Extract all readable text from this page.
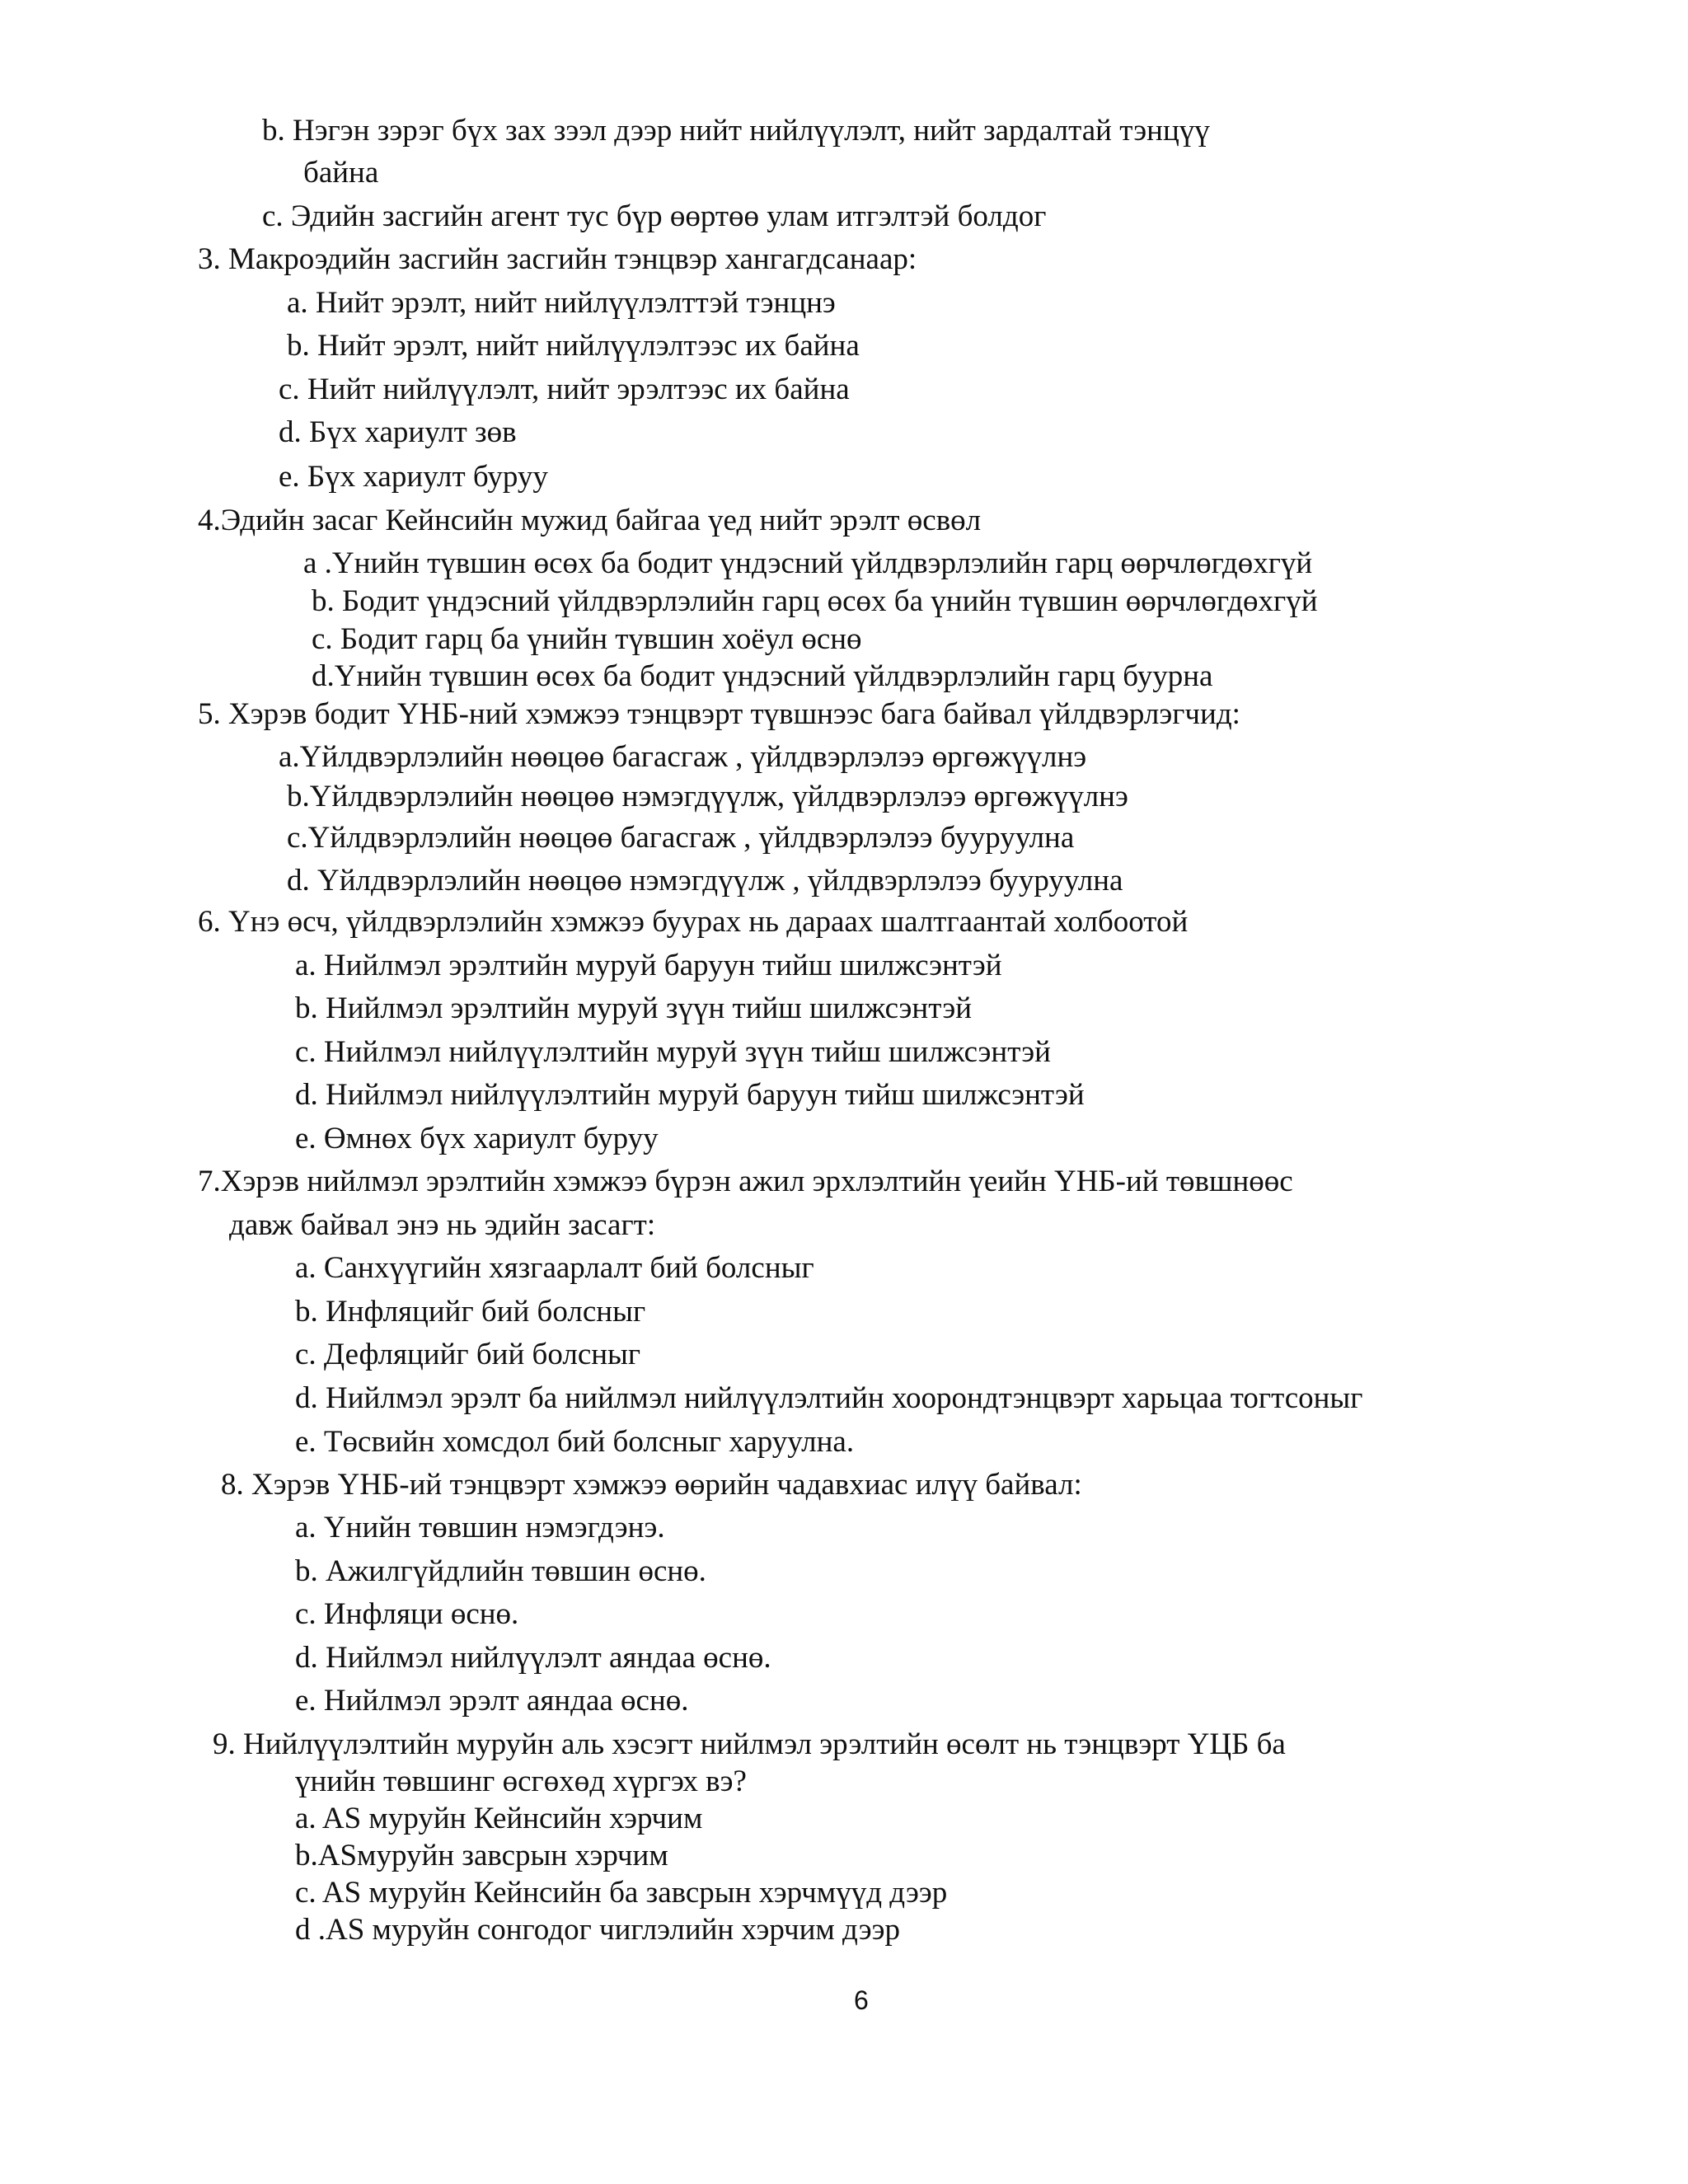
b. Нэгэн зэрэг бүх зах зээл дээр нийт нийлүүлэлт, нийт зардалтай тэнцүү
байна
c. Эдийн засгийн агент тус бүр өөртөө улам итгэлтэй болдог
3. Макроэдийн засгийн засгийн тэнцвэр хангагдсанаар:
a. Нийт эрэлт, нийт нийлүүлэлттэй тэнцнэ
b. Нийт эрэлт, нийт нийлүүлэлтээс их байна
c. Нийт нийлүүлэлт, нийт эрэлтээс их байна
d. Бүх хариулт зөв
e. Бүх хариулт буруу
4.Эдийн засаг Кейнсийн мужид байгаа үед нийт эрэлт өсвөл
a .Үнийн түвшин өсөх ба бодит үндэсний үйлдвэрлэлийн гарц өөрчлөгдөхгүй
b. Бодит үндэсний үйлдвэрлэлийн гарц өсөх ба үнийн түвшин өөрчлөгдөхгүй
c. Бодит гарц ба үнийн түвшин хоёул өснө
d.Үнийн түвшин өсөх ба бодит үндэсний үйлдвэрлэлийн гарц буурна
5. Хэрэв бодит ҮНБ-ний хэмжээ тэнцвэрт түвшнээс бага байвал үйлдвэрлэгчид:
a.Үйлдвэрлэлийн нөөцөө багасгаж , үйлдвэрлэлээ өргөжүүлнэ
b.Үйлдвэрлэлийн нөөцөө нэмэгдүүлж, үйлдвэрлэлээ өргөжүүлнэ
c.Үйлдвэрлэлийн нөөцөө багасгаж , үйлдвэрлэлээ бууруулна
d. Үйлдвэрлэлийн нөөцөө нэмэгдүүлж , үйлдвэрлэлээ бууруулна
6. Үнэ өсч, үйлдвэрлэлийн хэмжээ буурах нь дараах шалтгаантай холбоотой
a. Нийлмэл эрэлтийн муруй баруун тийш шилжсэнтэй
b. Нийлмэл эрэлтийн муруй зүүн тийш шилжсэнтэй
c. Нийлмэл нийлүүлэлтийн муруй зүүн тийш шилжсэнтэй
d. Нийлмэл нийлүүлэлтийн муруй баруун тийш шилжсэнтэй
e. Өмнөх бүх хариулт буруу
7.Хэрэв нийлмэл эрэлтийн хэмжээ бүрэн ажил эрхлэлтийн үеийн ҮНБ-ий төвшнөөс
давж байвал энэ нь эдийн засагт:
a. Санхүүгийн хязгаарлалт бий болсныг
b. Инфляцийг бий болсныг
c. Дефляцийг бий болсныг
d. Нийлмэл эрэлт ба нийлмэл нийлүүлэлтийн хоорондтэнцвэрт харьцаа тогтсоныг
e. Төсвийн хомсдол бий болсныг харуулна.
8. Хэрэв ҮНБ-ий тэнцвэрт хэмжээ өөрийн чадавхиас илүү байвал:
a. Үнийн төвшин нэмэгдэнэ.
b. Ажилгүйдлийн төвшин өснө.
c. Инфляци өснө.
d. Нийлмэл нийлүүлэлт аяндаа өснө.
e. Нийлмэл эрэлт аяндаа өснө.
9. Нийлүүлэлтийн муруйн аль хэсэгт нийлмэл эрэлтийн өсөлт нь тэнцвэрт ҮЦБ ба
үнийн төвшинг өсгөхөд хүргэх вэ?
a. AS муруйн Кейнсийн хэрчим
b.ASмуруйн завсрын хэрчим
c. AS муруйн Кейнсийн ба завсрын хэрчмүүд дээр
d .AS муруйн сонгодог чиглэлийн хэрчим дээр
6
